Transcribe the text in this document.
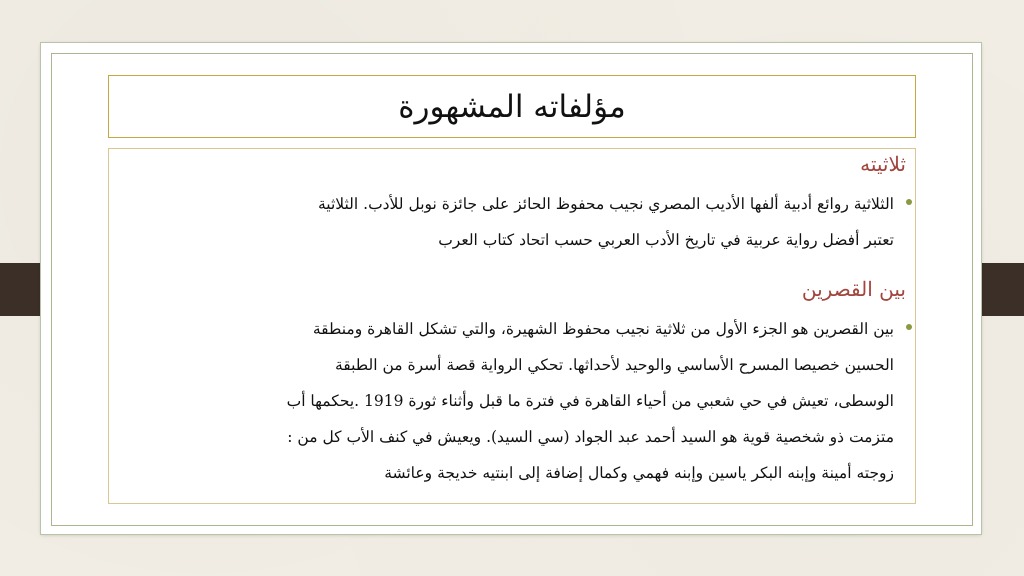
مؤلفاته المشهورة
ثلاثيته
الثلاثية روائع أدبية ألفها الأديب المصري نجيب محفوظ الحائز على جائزة نوبل للأدب. الثلاثية
تعتبر أفضل رواية عربية في تاريخ الأدب العربي حسب اتحاد كتاب العرب
بين القصرين
بين القصرين هو الجزء الأول من ثلاثية نجيب محفوظ الشهيرة، والتي تشكل القاهرة ومنطقة
الحسين خصيصا المسرح الأساسي والوحيد لأحداثها. تحكي الرواية قصة أسرة من الطبقة
الوسطى، تعيش في حي شعبي من أحياء القاهرة في فترة ما قبل وأثناء ثورة 1919 .يحكمها أب
متزمت ذو شخصية قوية هو السيد أحمد عبد الجواد (سي السيد). ويعيش في كنف الأب كل من :
زوجته أمينة وإبنه البكر ياسين وإبنه فهمي وكمال إضافة إلى ابنتيه خديجة وعائشة
